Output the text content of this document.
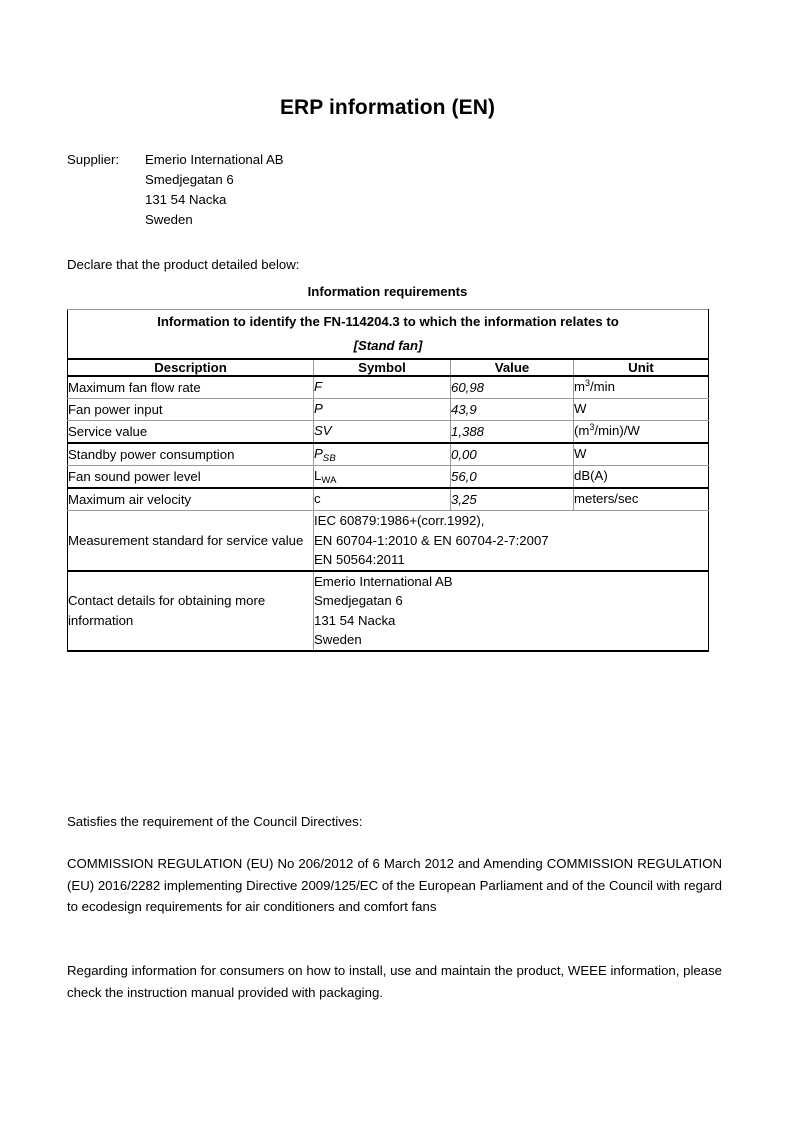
ERP information (EN)
Supplier:	Emerio International AB
Smedjegatan 6
131 54 Nacka
Sweden
Declare that the product detailed below:
Information requirements
Information to identify the FN-114204.3 to which the information relates to
[Stand fan]			

Description	Symbol	Value	Unit
Maximum fan flow rate	F	60,98	$m^3/\min$
Fan power input	P	43,9	W
Service value	SV	1,388	$(m^3/\min)/W$
Standby power consumption	$P_{SB}$	0,00	W
Fan sound power level	$L_{WA}$	56,0	dB(A)
Maximum air velocity	c	3,25	meters/sec
Measurement standard for service value	IEC 60879:1986+(corr.1992),
EN 60704-1:2010 & EN 60704-2-7:2007
EN 50564:2011		

Contact details for obtaining more information	Emerio International AB
Smedjegatan 6
131 54 Nacka
Sweden		
Satisfies the requirement of the Council Directives:
COMMISSION REGULATION (EU) No 206/2012 of 6 March 2012 and Amending COMMISSION REGULATION (EU) 2016/2282 implementing Directive 2009/125/EC of the European Parliament and of the Council with regard to ecodesign requirements for air conditioners and comfort fans
Regarding information for consumers on how to install, use and maintain the product, WEEE information, please check the instruction manual provided with packaging.
